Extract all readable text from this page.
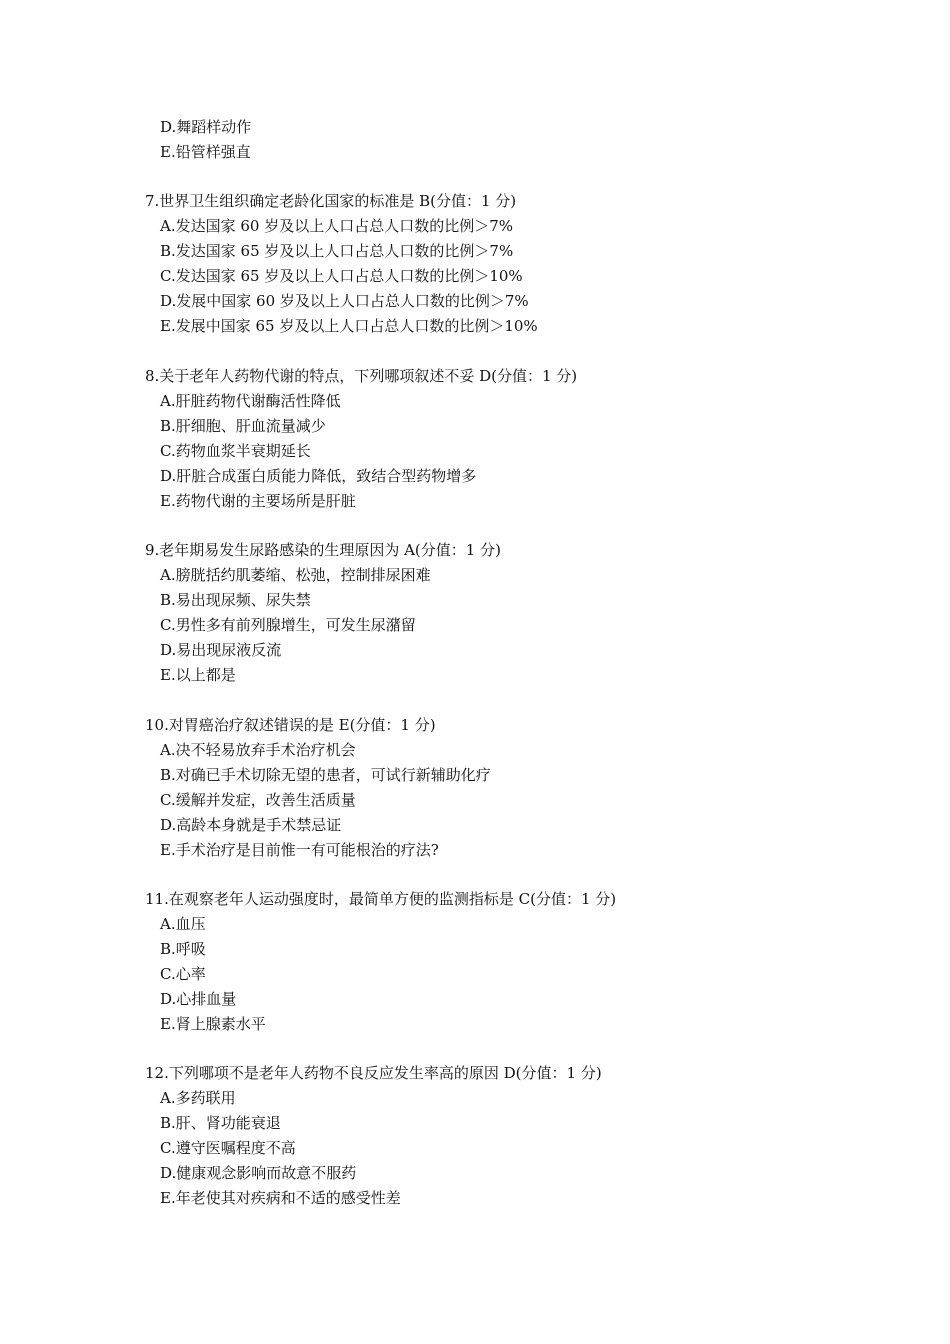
D.舞蹈样动作
E.铅管样强直
7.世界卫生组织确定老龄化国家的标准是 B(分值：1 分)
A.发达国家 60 岁及以上人口占总人口数的比例＞7%
B.发达国家 65 岁及以上人口占总人口数的比例＞7%
C.发达国家 65 岁及以上人口占总人口数的比例＞10%
D.发展中国家 60 岁及以上人口占总人口数的比例＞7%
E.发展中国家 65 岁及以上人口占总人口数的比例＞10%
8.关于老年人药物代谢的特点，下列哪项叙述不妥 D(分值：1 分)
A.肝脏药物代谢酶活性降低
B.肝细胞、肝血流量减少
C.药物血浆半衰期延长
D.肝脏合成蛋白质能力降低，致结合型药物增多
E.药物代谢的主要场所是肝脏
9.老年期易发生尿路感染的生理原因为 A(分值：1 分)
A.膀胱括约肌萎缩、松弛，控制排尿困难
B.易出现尿频、尿失禁
C.男性多有前列腺增生，可发生尿潴留
D.易出现尿液反流
E.以上都是
10.对胃癌治疗叙述错误的是 E(分值：1 分)
A.决不轻易放弃手术治疗机会
B.对确已手术切除无望的患者，可试行新辅助化疗
C.缓解并发症，改善生活质量
D.高龄本身就是手术禁忌证
E.手术治疗是目前惟一有可能根治的疗法?
11.在观察老年人运动强度时，最简单方便的监测指标是 C(分值：1 分)
A.血压
B.呼吸
C.心率
D.心排血量
E.肾上腺素水平
12.下列哪项不是老年人药物不良反应发生率高的原因 D(分值：1 分)
A.多药联用
B.肝、肾功能衰退
C.遵守医嘱程度不高
D.健康观念影响而故意不服药
E.年老使其对疾病和不适的感受性差
